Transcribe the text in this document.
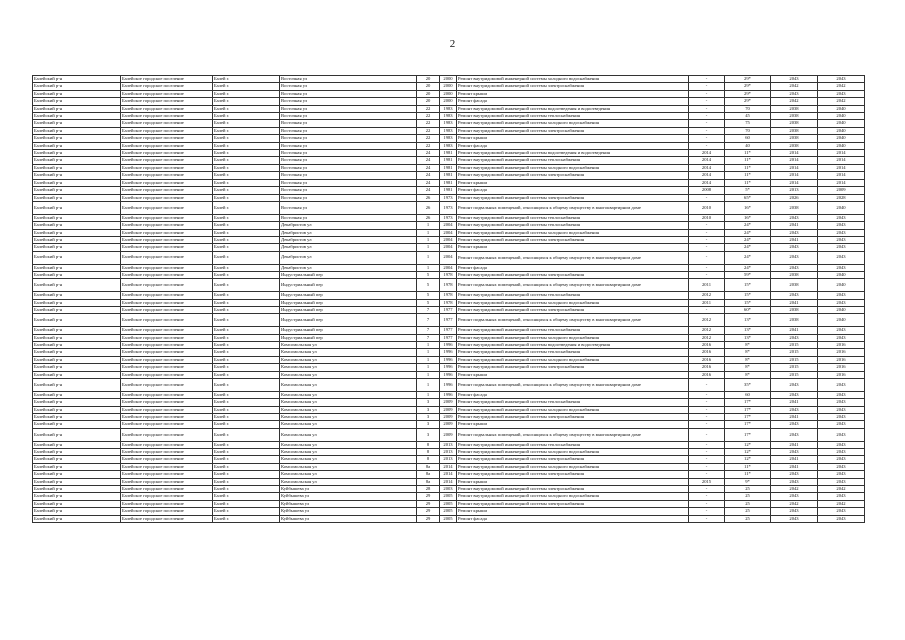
2
Балейский р-н	Балейское городское поселение	Балей г.	Восточная ул	20	2000	Ремонт внутридомовой инженерной системы холодного водоснабжения	-	29*	2043	2043
Балейский р-н	Балейское городское поселение	Балей г.	Восточная ул	20	2000	Ремонт внутридомовой инженерной системы электроснабжения	-	29*	2042	2042
Балейский р-н	Балейское городское поселение	Балей г.	Восточная ул	20	2000	Ремонт крыши	-	29*	2043	2043
Балейский р-н	Балейское городское поселение	Балей г.	Восточная ул	20	2000	Ремонт фасада	-	29*	2042	2042
Балейский р-н	Балейское городское поселение	Балей г.	Восточная ул	22	1983	Ремонт внутридомовой инженерной системы водоотведения и водоотведения	-	70	2038	2040
Балейский р-н	Балейское городское поселение	Балей г.	Восточная ул	22	1983	Ремонт внутридомовой инженерной системы теплоснабжения	-	45	2038	2040
Балейский р-н	Балейское городское поселение	Балей г.	Восточная ул	22	1983	Ремонт внутридомовой инженерной системы холодного водоснабжения	-	75	2038	2040
Балейский р-н	Балейское городское поселение	Балей г.	Восточная ул	22	1983	Ремонт внутридомовой инженерной системы электроснабжения	-	70	2038	2040
Балейский р-н	Балейское городское поселение	Балей г.	Восточная ул	22	1983	Ремонт крыши	-	60	2038	2040
Балейский р-н	Балейское городское поселение	Балей г.	Восточная ул	22	1983	Ремонт фасада	-	40	2038	2040
Балейский р-н	Балейское городское поселение	Балей г.	Восточная ул	24	1981	Ремонт внутридомовой инженерной системы водоотведения и водоотведения	2014	11*	2014	2014
Балейский р-н	Балейское городское поселение	Балей г.	Восточная ул	24	1981	Ремонт внутридомовой инженерной системы теплоснабжения	2014	11*	2014	2014
Балейский р-н	Балейское городское поселение	Балей г.	Восточная ул	24	1981	Ремонт внутридомовой инженерной системы холодного водоснабжения	2014	11*	2014	2014
Балейский р-н	Балейское городское поселение	Балей г.	Восточная ул	24	1981	Ремонт внутридомовой инженерной системы электроснабжения	2014	11*	2014	2014
Балейский р-н	Балейское городское поселение	Балей г.	Восточная ул	24	1981	Ремонт крыши	2014	11*	2014	2014
Балейский р-н	Балейское городское поселение	Балей г.	Восточная ул	24	1981	Ремонт фасада	2008	5*	2013	2009
Балейский р-н	Балейское городское поселение	Балей г.	Восточная ул	26	1973	Ремонт внутридомовой инженерной системы электроснабжения	-	65*	2026	2028
Балейский р-н	Балейское городское поселение	Балей г.	Восточная ул	26	1973	Ремонт подвальных помещений, относящихся к общему имуществу в многоквартирном доме	2010	16*	2038	2040
Балейский р-н	Балейское городское поселение	Балей г.	Восточная ул	26	1973	Ремонт внутридомовой инженерной системы теплоснабжения	2010	16*	2043	2043
Балейский р-н	Балейское городское поселение	Балей г.	Декабристов ул	1	2004	Ремонт внутридомовой инженерной системы теплоснабжения	-	24*	2041	2043
Балейский р-н	Балейское городское поселение	Балей г.	Декабристов ул	1	2004	Ремонт внутридомовой инженерной системы холодного водоснабжения	-	24*	2043	2043
Балейский р-н	Балейское городское поселение	Балей г.	Декабристов ул	1	2004	Ремонт внутридомовой инженерной системы электроснабжения	-	24*	2041	2043
Балейский р-н	Балейское городское поселение	Балей г.	Декабристов ул	1	2004	Ремонт крыши	-	24*	2043	2043
Балейский р-н	Балейское городское поселение	Балей г.	Декабристов ул	1	2004	Ремонт подвальных помещений, относящихся к общему имуществу в многоквартирном доме	-	24*	2043	2043
Балейский р-н	Балейское городское поселение	Балей г.	Декабристов ул	1	2004	Ремонт фасада	-	24*	2043	2043
Балейский р-н	Балейское городское поселение	Балей г.	Индустриальный пер	5	1978	Ремонт внутридомовой инженерной системы электроснабжения	-	59*	2038	2040
Балейский р-н	Балейское городское поселение	Балей г.	Индустриальный пер	5	1978	Ремонт подвальных помещений, относящихся к общему имуществу в многоквартирном доме	2011	15*	2038	2040
Балейский р-н	Балейское городское поселение	Балей г.	Индустриальный пер	5	1978	Ремонт внутридомовой инженерной системы теплоснабжения	2012	15*	2043	2043
Балейский р-н	Балейское городское поселение	Балей г.	Индустриальный пер	5	1978	Ремонт внутридомовой инженерной системы холодного водоснабжения	2011	15*	2041	2043
Балейский р-н	Балейское городское поселение	Балей г.	Индустриальный пер	7	1977	Ремонт внутридомовой инженерной системы электроснабжения	-	60*	2038	2040
Балейский р-н	Балейское городское поселение	Балей г.	Индустриальный пер	7	1977	Ремонт подвальных помещений, относящихся к общему имуществу в многоквартирном доме	2012	13*	2038	2040
Балейский р-н	Балейское городское поселение	Балей г.	Индустриальный пер	7	1977	Ремонт внутридомовой инженерной системы теплоснабжения	2012	13*	2041	2043
Балейский р-н	Балейское городское поселение	Балей г.	Индустриальный пер	7	1977	Ремонт внутридомовой инженерной системы холодного водоснабжения	2012	13*	2043	2043
Балейский р-н	Балейское городское поселение	Балей г.	Комсомольская ул	1	1996	Ремонт внутридомовой инженерной системы водоотведения и водоотведения	2016	8*	2015	2016
Балейский р-н	Балейское городское поселение	Балей г.	Комсомольская ул	1	1996	Ремонт внутридомовой инженерной системы теплоснабжения	2016	8*	2015	2016
Балейский р-н	Балейское городское поселение	Балей г.	Комсомольская ул	1	1996	Ремонт внутридомовой инженерной системы холодного водоснабжения	2016	8*	2015	2016
Балейский р-н	Балейское городское поселение	Балей г.	Комсомольская ул	1	1996	Ремонт внутридомовой инженерной системы электроснабжения	2016	8*	2015	2016
Балейский р-н	Балейское городское поселение	Балей г.	Комсомольская ул	1	1996	Ремонт крыши	2016	8*	2015	2016
Балейский р-н	Балейское городское поселение	Балей г.	Комсомольская ул	1	1996	Ремонт подвальных помещений, относящихся к общему имуществу в многоквартирном доме	-	35*	2043	2043
Балейский р-н	Балейское городское поселение	Балей г.	Комсомольская ул	1	1996	Ремонт фасада	-	60	2043	2043
Балейский р-н	Балейское городское поселение	Балей г.	Комсомольская ул	3	2009	Ремонт внутридомовой инженерной системы теплоснабжения	-	17*	2041	2043
Балейский р-н	Балейское городское поселение	Балей г.	Комсомольская ул	3	2009	Ремонт внутридомовой инженерной системы холодного водоснабжения	-	17*	2043	2043
Балейский р-н	Балейское городское поселение	Балей г.	Комсомольская ул	3	2009	Ремонт внутридомовой инженерной системы электроснабжения	-	17*	2041	2043
Балейский р-н	Балейское городское поселение	Балей г.	Комсомольская ул	3	2009	Ремонт крыши	-	17*	2043	2043
Балейский р-н	Балейское городское поселение	Балей г.	Комсомольская ул	3	2009	Ремонт подвальных помещений, относящихся к общему имуществу в многоквартирном доме	-	17*	2043	2043
Балейский р-н	Балейское городское поселение	Балей г.	Комсомольская ул	8	2013	Ремонт внутридомовой инженерной системы теплоснабжения	-	12*	2041	2043
Балейский р-н	Балейское городское поселение	Балей г.	Комсомольская ул	8	2013	Ремонт внутридомовой инженерной системы холодного водоснабжения	-	12*	2043	2043
Балейский р-н	Балейское городское поселение	Балей г.	Комсомольская ул	8	2013	Ремонт внутридомовой инженерной системы электроснабжения	-	12*	2041	2043
Балейский р-н	Балейское городское поселение	Балей г.	Комсомольская ул	8а	2014	Ремонт внутридомовой инженерной системы холодного водоснабжения	-	11*	2041	2043
Балейский р-н	Балейское городское поселение	Балей г.	Комсомольская ул	8а	2014	Ремонт внутридомовой инженерной системы электроснабжения	-	11*	2043	2043
Балейский р-н	Балейское городское поселение	Балей г.	Комсомольская ул	8а	2014	Ремонт крыши	2015	9*	2043	2043
Балейский р-н	Балейское городское поселение	Балей г.	Куйбышева ул	28	2003	Ремонт внутридомовой инженерной системы электроснабжения	-	25	2042	2042
Балейский р-н	Балейское городское поселение	Балей г.	Куйбышева ул	29	2005	Ремонт внутридомовой инженерной системы холодного водоснабжения	-	25	2043	2043
Балейский р-н	Балейское городское поселение	Балей г.	Куйбышева ул	29	2005	Ремонт внутридомовой инженерной системы электроснабжения	-	25	2042	2042
Балейский р-н	Балейское городское поселение	Балей г.	Куйбышева ул	29	2005	Ремонт крыши	-	25	2043	2043
Балейский р-н	Балейское городское поселение	Балей г.	Куйбышева ул	29	2005	Ремонт фасада	-	25	2043	2043
